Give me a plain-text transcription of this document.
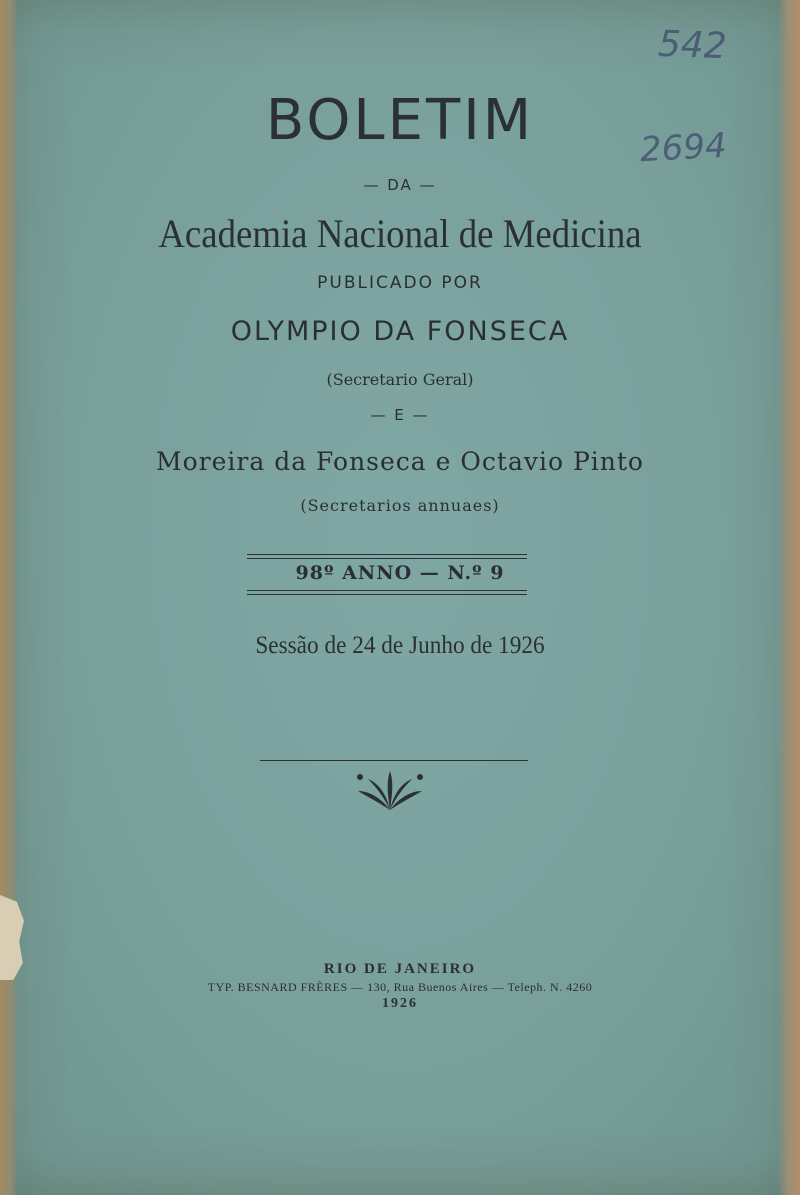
542
2694
BOLETIM
— DA —
Academia Nacional de Medicina
PUBLICADO POR
OLYMPIO DA FONSECA
(Secretario Geral)
— E —
Moreira da Fonseca e Octavio Pinto
(Secretarios annuaes)
98º ANNO — N.º 9
Sessão de 24 de Junho de 1926
RIO DE JANEIRO
TYP. BESNARD FRÈRES — 130, Rua Buenos Aires — Teleph. N. 4260
1926
